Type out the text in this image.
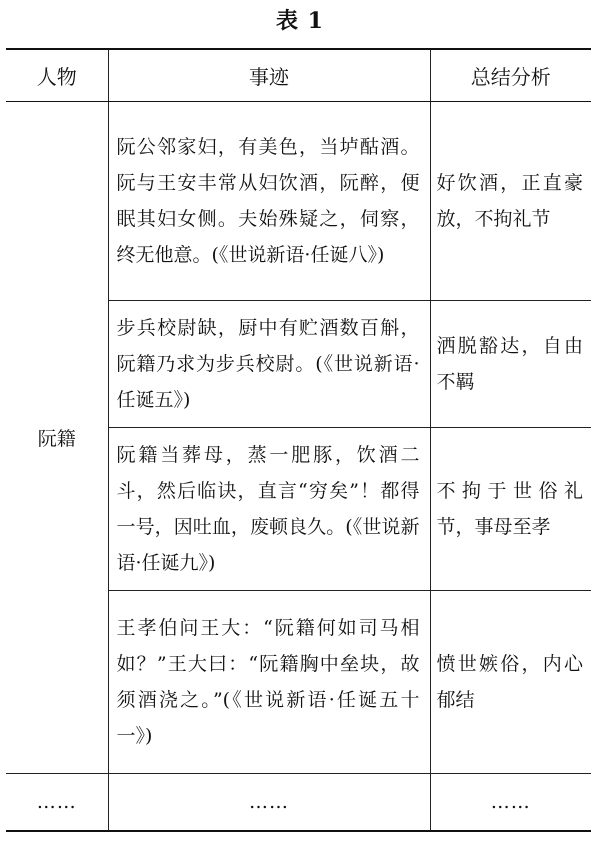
表 1
人物	事迹	总结分析
阮籍	阮公邻家妇，有美色，当垆酤酒。阮与王安丰常从妇饮酒，阮醉，便眠其妇女侧。夫始殊疑之，伺察，终无他意。(《世说新语·任诞八》)	好饮酒，正直豪放，不拘礼节
	步兵校尉缺，厨中有贮酒数百斛，阮籍乃求为步兵校尉。(《世说新语·任诞五》)	洒脱豁达，自由不羁
	阮籍当葬母，蒸一肥豚，饮酒二斗，然后临诀，直言“穷矣”！都得一号，因吐血，废顿良久。(《世说新语·任诞九》)	不拘于世俗礼节，事母至孝
	王孝伯问王大：“阮籍何如司马相如？”王大曰：“阮籍胸中垒块，故须酒浇之。”(《世说新语·任诞五十一》)	愤世嫉俗，内心郁结
……	……	……
